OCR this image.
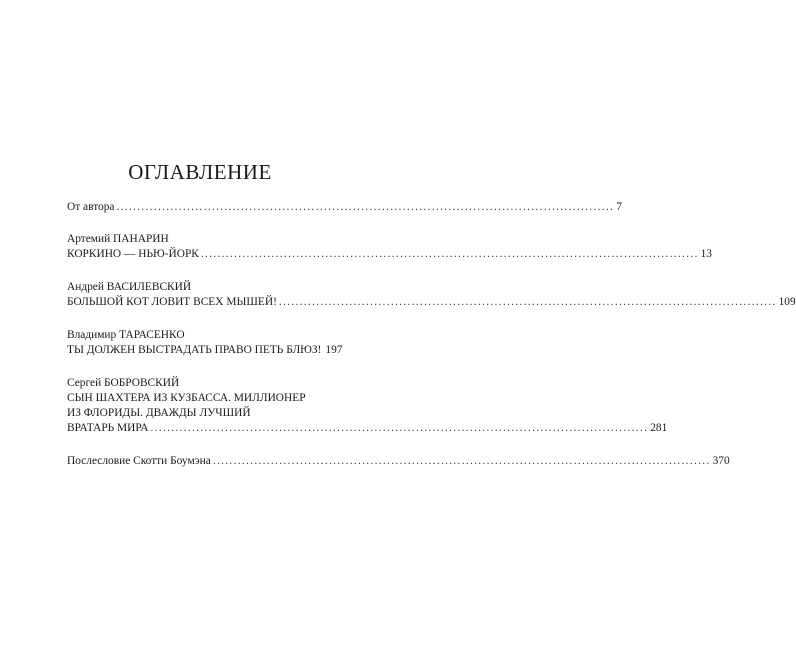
ОГЛАВЛЕНИЕ
От автора ........................................................................................................................ 7
Артемий ПАНАРИН
КОРКИНО — НЬЮ-ЙОРК ........................................................................................................................ 13
Андрей ВАСИЛЕВСКИЙ
БОЛЬШОЙ КОТ ЛОВИТ ВСЕХ МЫШЕЙ! ........................................................................................................................ 109
Владимир ТАРАСЕНКО
ТЫ ДОЛЖЕН ВЫСТРАДАТЬ ПРАВО ПЕТЬ БЛЮЗ! 197
Сергей БОБРОВСКИЙ
СЫН ШАХТЕРА ИЗ КУЗБАССА. МИЛЛИОНЕР
ИЗ ФЛОРИДЫ. ДВАЖДЫ ЛУЧШИЙ
ВРАТАРЬ МИРА ........................................................................................................................ 281
Послесловие Скотти Боумэна ........................................................................................................................ 370
